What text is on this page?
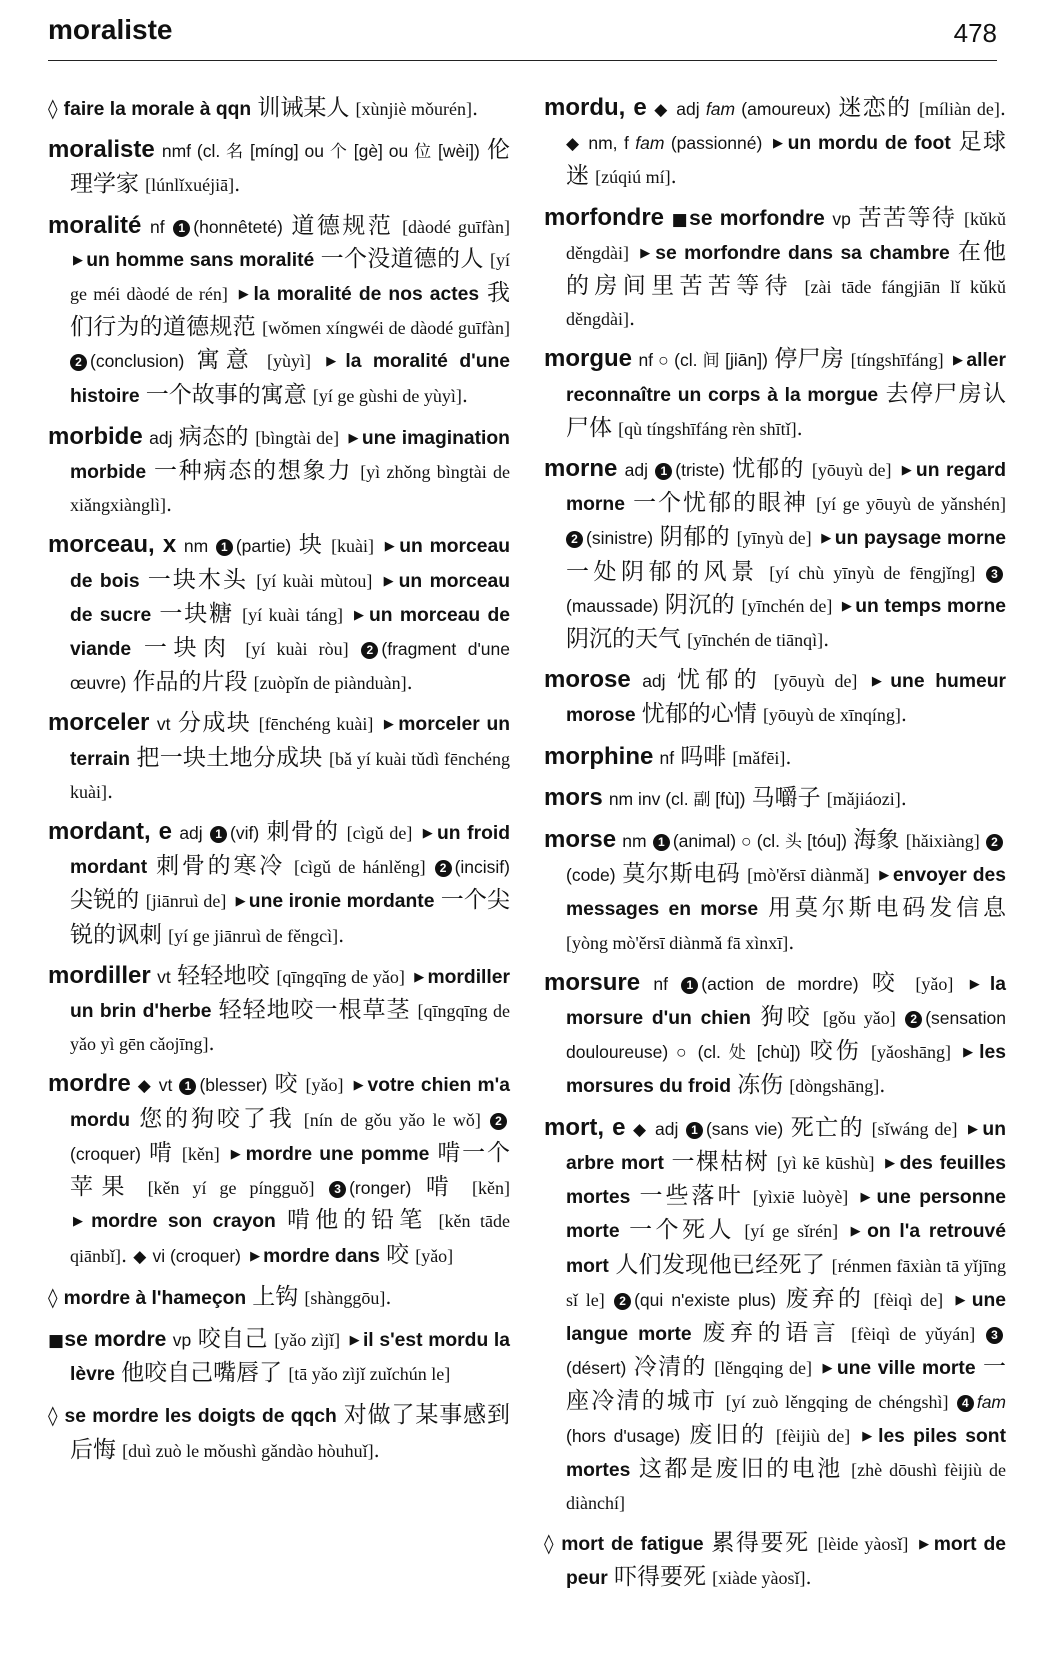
moraliste	478

◊ faire la morale à qqn 训诫某人 [xùnjiè mǒurén].

moraliste nmf (cl. 名 [míng] ou 个 [gè] ou 位 [wèi]) 伦理学家 [lúnlǐxuéjiā].

moralité nf 1 (honnêteté) 道德规范 [dàodé guīfàn] ▶ un homme sans moralité 一个没道德的人 [yí ge méi dàodé de rén] ▶ la moralité de nos actes 我们行为的道德规范 [wǒmen xíngwéi de dàodé guīfàn] 2 (conclusion) 寓意 [yùyì] ▶ la moralité d'une histoire 一个故事的寓意 [yí ge gùshi de yùyì].

morbide adj 病态的 [bìngtài de] ▶ une imagination morbide 一种病态的想象力 [yì zhǒng bìngtài de xiǎngxiànglì].

morceau, x nm 1 (partie) 块 [kuài] ▶ un morceau de bois 一块木头 [yí kuài mùtou] ▶ un morceau de sucre 一块糖 [yí kuài táng] ▶ un morceau de viande 一块肉 [yí kuài ròu] 2 (fragment d'une œuvre) 作品的片段 [zuòpǐn de piànduàn].

morceler vt 分成块 [fēnchéng kuài] ▶ morceler un terrain 把一块土地分成块 [bǎ yí kuài tǔdì fēnchéng kuài].

mordant, e adj 1 (vif) 刺骨的 [cìgǔ de] ▶ un froid mordant 刺骨的寒冷 [cìgǔ de hánlěng] 2 (incisif) 尖锐的 [jiānruì de] ▶ une ironie mordante 一个尖锐的讽刺 [yí ge jiānruì de fěngcì].

mordiller vt 轻轻地咬 [qīngqīng de yǎo] ▶ mordiller un brin d'herbe 轻轻地咬一根草茎 [qīngqīng de yǎo yì gēn cǎojīng].

mordre ◆ vt 1 (blesser) 咬 [yǎo] ▶ votre chien m'a mordu 您的狗咬了我 [nín de gǒu yǎo le wǒ] 2(croquer) 啃 [kěn] ▶ mordre une pomme 啃一个苹果 [kěn yí ge píngguǒ] 3 (ronger) 啃 [kěn] ▶ mordre son crayon 啃他的铅笔 [kěn tāde qiānbǐ]. ◆ vi (croquer) ▶ mordre dans 咬 [yǎo]

◊ mordre à l'hameçon 上钩 [shànggōu].

■se mordre vp 咬自己 [yǎo zìjǐ] ▶ il s'est mordu la lèvre 他咬自己嘴唇了 [tā yǎo zìjǐ zuǐchún le]

◊ se mordre les doigts de qqch 对做了某事感到后悔 [duì zuò le mǒushì gǎndào hòuhuǐ].

mordu, e ◆ adj fam (amoureux) 迷恋的 [míliàn de]. ◆ nm, f fam (passionné) ▶ un mordu de foot 足球迷 [zúqiú mí].

morfondre ■se morfondre vp 苦苦等待 [kǔkǔ děngdài] ▶ se morfondre dans sa chambre 在他的房间里苦苦等待 [zài tāde fángjiān lǐ kǔkǔ děngdài].

morgue nf ○ (cl. 间 [jiān]) 停尸房 [tíngshīfáng] ▶ aller reconnaître un corps à la morgue 去停尸房认尸体 [qù tíngshīfáng rèn shītǐ].

morne adj 1 (triste) 忧郁的 [yōuyù de] ▶ un regard morne 一个忧郁的眼神 [yí ge yōuyù de yǎnshén] 2 (sinistre) 阴郁的 [yīnyù de] ▶ un paysage morne 一处阴郁的风景 [yí chù yīnyù de fēngjǐng] 3(maussade) 阴沉的 [yīnchén de] ▶ un temps morne 阴沉的天气 [yīnchén de tiānqì].

morose adj 忧郁的 [yōuyù de] ▶ une humeur morose 忧郁的心情 [yōuyù de xīnqíng].

morphine nf 吗啡 [mǎfēi].

mors nm inv (cl. 副 [fù]) 马嚼子 [mǎjiáozi].

morse nm 1 (animal) ○ (cl. 头 [tóu]) 海象 [hǎixiàng] 2(code) 莫尔斯电码 [mò'ěrsī diànmǎ] ▶ envoyer des messages en morse 用莫尔斯电码发信息 [yòng mò'ěrsī diànmǎ fā xìnxī].

morsure nf 1 (action de mordre) 咬 [yǎo] ▶ la morsure d'un chien 狗咬 [gǒu yǎo] 2 (sensation douloureuse) ○ (cl. 处 [chù]) 咬伤 [yǎoshāng] ▶ les morsures du froid 冻伤 [dòngshāng].

mort, e ◆ adj 1 (sans vie) 死亡的 [sǐwáng de] ▶ un arbre mort 一棵枯树 [yì kē kūshù] ▶ des feuilles mortes 一些落叶 [yìxiē luòyè] ▶ une personne morte 一个死人 [yí ge sǐrén] ▶ on l'a retrouvé mort 人们发现他已经死了 [rénmen fāxiàn tā yǐjīng sǐ le] 2 (qui n'existe plus) 废弃的 [fèiqì de] ▶ une langue morte 废弃的语言 [fèiqì de yǔyán] 3(désert) 冷清的 [lěngqing de] ▶ une ville morte 一座冷清的城市 [yí zuò lěngqing de chéngshì] 4 fam (hors d'usage) 废旧的 [fèijiù de] ▶ les piles sont mortes 这都是废旧的电池 [zhè dōushì fèijiù de diànchí]

◊ mort de fatigue 累得要死 [lèide yàosǐ] ▶ mort de peur 吓得要死 [xiàde yàosǐ].
